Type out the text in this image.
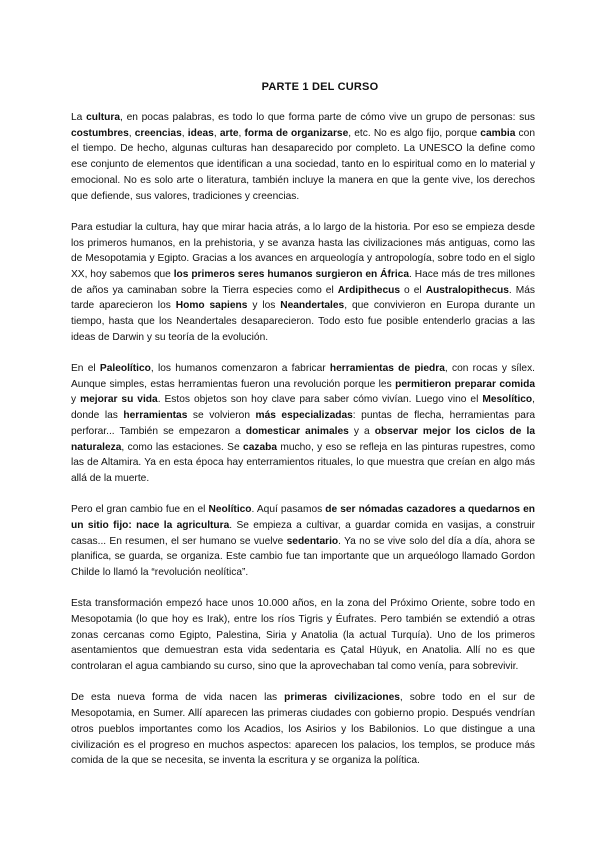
PARTE 1 DEL CURSO

La cultura, en pocas palabras, es todo lo que forma parte de cómo vive un grupo de personas: sus costumbres, creencias, ideas, arte, forma de organizarse, etc. No es algo fijo, porque cambia con el tiempo. De hecho, algunas culturas han desaparecido por completo. La UNESCO la define como ese conjunto de elementos que identifican a una sociedad, tanto en lo espiritual como en lo material y emocional. No es solo arte o literatura, también incluye la manera en que la gente vive, los derechos que defiende, sus valores, tradiciones y creencias.

Para estudiar la cultura, hay que mirar hacia atrás, a lo largo de la historia. Por eso se empieza desde los primeros humanos, en la prehistoria, y se avanza hasta las civilizaciones más antiguas, como las de Mesopotamia y Egipto. Gracias a los avances en arqueología y antropología, sobre todo en el siglo XX, hoy sabemos que los primeros seres humanos surgieron en África. Hace más de tres millones de años ya caminaban sobre la Tierra especies como el Ardipithecus o el Australopithecus. Más tarde aparecieron los Homo sapiens y los Neandertales, que convivieron en Europa durante un tiempo, hasta que los Neandertales desaparecieron. Todo esto fue posible entenderlo gracias a las ideas de Darwin y su teoría de la evolución.

En el Paleolítico, los humanos comenzaron a fabricar herramientas de piedra, con rocas y sílex. Aunque simples, estas herramientas fueron una revolución porque les permitieron preparar comida y mejorar su vida. Estos objetos son hoy clave para saber cómo vivían. Luego vino el Mesolítico, donde las herramientas se volvieron más especializadas: puntas de flecha, herramientas para perforar... También se empezaron a domesticar animales y a observar mejor los ciclos de la naturaleza, como las estaciones. Se cazaba mucho, y eso se refleja en las pinturas rupestres, como las de Altamira. Ya en esta época hay enterramientos rituales, lo que muestra que creían en algo más allá de la muerte.

Pero el gran cambio fue en el Neolítico. Aquí pasamos de ser nómadas cazadores a quedarnos en un sitio fijo: nace la agricultura. Se empieza a cultivar, a guardar comida en vasijas, a construir casas... En resumen, el ser humano se vuelve sedentario. Ya no se vive solo del día a día, ahora se planifica, se guarda, se organiza. Este cambio fue tan importante que un arqueólogo llamado Gordon Childe lo llamó la “revolución neolítica”.

Esta transformación empezó hace unos 10.000 años, en la zona del Próximo Oriente, sobre todo en Mesopotamia (lo que hoy es Irak), entre los ríos Tigris y Éufrates. Pero también se extendió a otras zonas cercanas como Egipto, Palestina, Siria y Anatolia (la actual Turquía). Uno de los primeros asentamientos que demuestran esta vida sedentaria es Çatal Hüyuk, en Anatolia. Allí no es que controlaran el agua cambiando su curso, sino que la aprovechaban tal como venía, para sobrevivir.

De esta nueva forma de vida nacen las primeras civilizaciones, sobre todo en el sur de Mesopotamia, en Sumer. Allí aparecen las primeras ciudades con gobierno propio. Después vendrían otros pueblos importantes como los Acadios, los Asirios y los Babilonios. Lo que distingue a una civilización es el progreso en muchos aspectos: aparecen los palacios, los templos, se produce más comida de la que se necesita, se inventa la escritura y se organiza la política.
